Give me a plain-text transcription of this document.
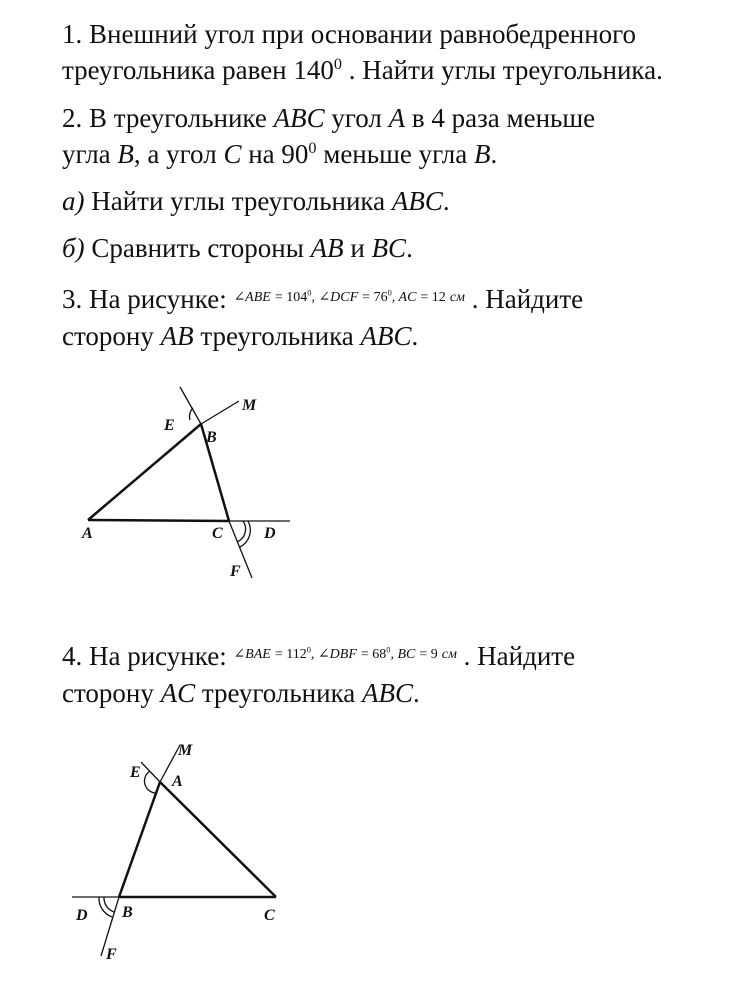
1. Внешний угол при основании равнобедренного
треугольника равен $140^0$ . Найти углы треугольника.
2. В треугольнике ABC угол A в 4 раза меньше
угла B, а угол C на $90^0$ меньше угла B.
а) Найти углы треугольника ABC.
б) Сравнить стороны AB и BC.
3. На рисунке: $^{\angle ABE = 104^0, \angle DCF = 76^0, AC = 12 см}$ . Найдите
сторону AB треугольника ABC.
A
B
C	D
E
F
M
4. На рисунке: $^{\angle BAE = 112^0, \angle DBF = 68^0, BC = 9 см}$ . Найдите
сторону AC треугольника ABC.
A
B	C
D
E
F
M
